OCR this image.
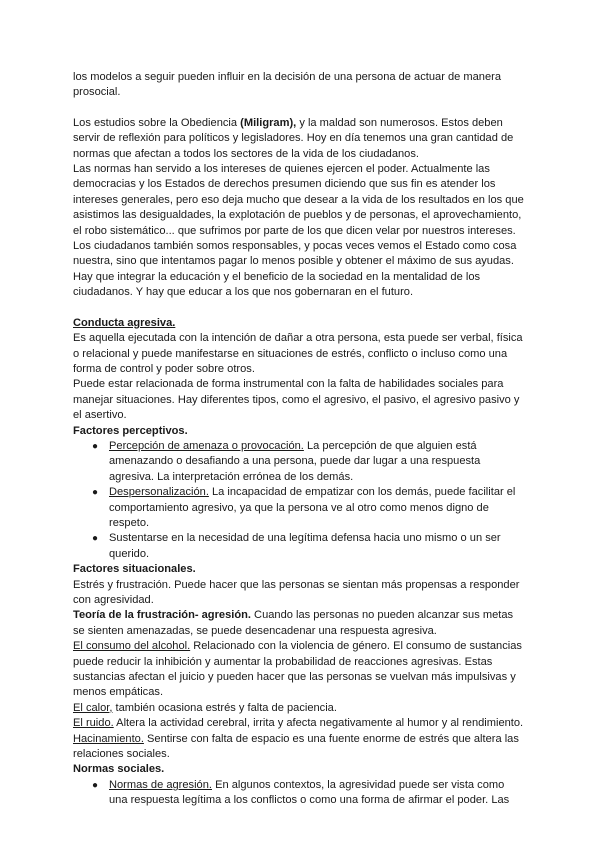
los modelos a seguir pueden influir en la decisión de una persona de actuar de manera prosocial.

Los estudios sobre la Obediencia (Miligram), y la maldad son numerosos. Estos deben servir de reflexión para políticos y legisladores. Hoy en día tenemos una gran cantidad de normas que afectan a todos los sectores de la vida de los ciudadanos.

Las normas han servido a los intereses de quienes ejercen el poder. Actualmente las democracias y los Estados de derechos presumen diciendo que sus fin es atender los intereses generales, pero eso deja mucho que desear a la vida de los resultados en los que asistimos las desigualdades, la explotación de pueblos y de personas, el aprovechamiento, el robo sistemático... que sufrimos por parte de los que dicen velar por nuestros intereses. Los ciudadanos también somos responsables, y pocas veces vemos el Estado como cosa nuestra, sino que intentamos pagar lo menos posible y obtener el máximo de sus ayudas. Hay que integrar la educación y el beneficio de la sociedad en la mentalidad de los ciudadanos. Y hay que educar a los que nos gobernaran en el futuro.

Conducta agresiva.

Es aquella ejecutada con la intención de dañar a otra persona, esta puede ser verbal, física o relacional y puede manifestarse en situaciones de estrés, conflicto o incluso como una forma de control y poder sobre otros.

Puede estar relacionada de forma instrumental con la falta de habilidades sociales para manejar situaciones. Hay diferentes tipos, como el agresivo, el pasivo, el agresivo pasivo y el asertivo.

Factores perceptivos.

● Percepción de amenaza o provocación. La percepción de que alguien está amenazando o desafiando a una persona, puede dar lugar a una respuesta agresiva. La interpretación errónea de los demás.
● Despersonalización. La incapacidad de empatizar con los demás, puede facilitar el comportamiento agresivo, ya que la persona ve al otro como menos digno de respeto.
● Sustentarse en la necesidad de una legítima defensa hacia uno mismo o un ser querido.

Factores situacionales.

Estrés y frustración. Puede hacer que las personas se sientan más propensas a responder con agresividad.

Teoría de la frustración- agresión. Cuando las personas no pueden alcanzar sus metas se sienten amenazadas, se puede desencadenar una respuesta agresiva.

El consumo del alcohol. Relacionado con la violencia de género. El consumo de sustancias puede reducir la inhibición y aumentar la probabilidad de reacciones agresivas. Estas sustancias afectan el juicio y pueden hacer que las personas se vuelvan más impulsivas y menos empáticas.

El calor, también ocasiona estrés y falta de paciencia.

El ruido. Altera la actividad cerebral, irrita y afecta negativamente al humor y al rendimiento.

Hacinamiento. Sentirse con falta de espacio es una fuente enorme de estrés que altera las relaciones sociales.

Normas sociales.

● Normas de agresión. En algunos contextos, la agresividad puede ser vista como una respuesta legítima a los conflictos o como una forma de afirmar el poder. Las
